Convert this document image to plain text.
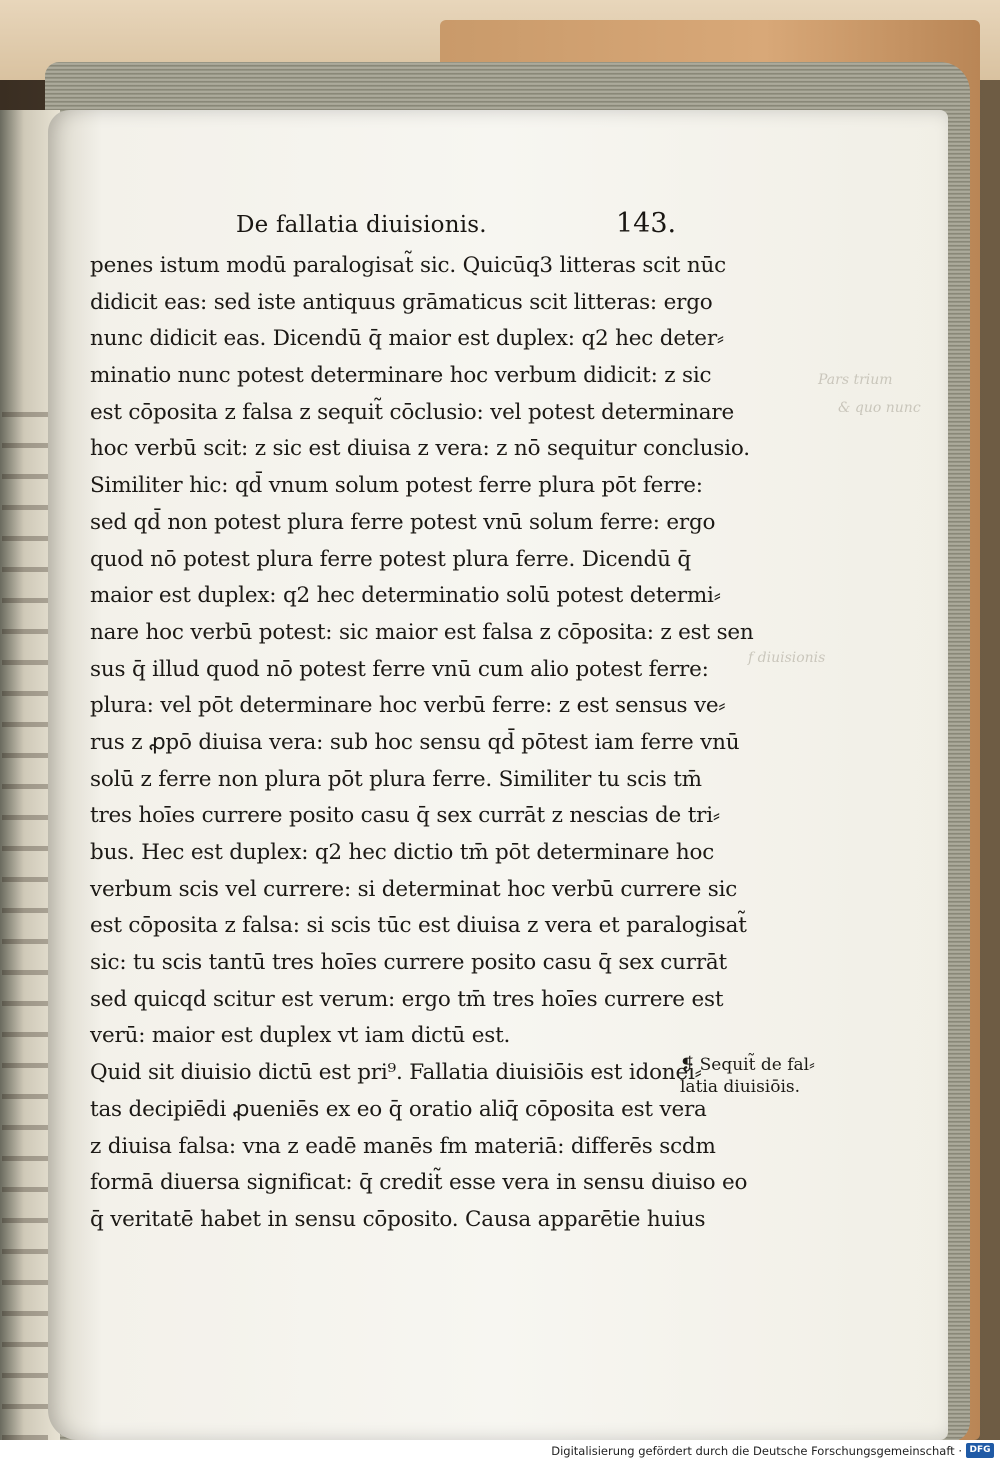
Pars trium
& quo nunc
f diuisionis
De fallatia diuisionis.	143.
penes istum modū paralogisat̃ sic. Quicūq3 litteras scit nūc
didicit eas: sed iste antiquus grāmaticus scit litteras: ergo
nunc didicit eas. Dicendū q̄ maior est duplex: q2 hec deter⸗
minatio nunc potest determinare hoc verbum didicit: z sic
est cōposita z falsa z sequit̃ cōclusio: vel potest determinare
hoc verbū scit: z sic est diuisa z vera: z nō sequitur conclusio.
Similiter hic: qd̄ vnum solum potest ferre plura pōt ferre:
sed qd̄ non potest plura ferre potest vnū solum ferre: ergo
quod nō potest plura ferre potest plura ferre. Dicendū q̄
maior est duplex: q2 hec determinatio solū potest determi⸗
nare hoc verbū potest: sic maior est falsa z cōposita: z est sen
sus q̄ illud quod nō potest ferre vnū cum alio potest ferre:
plura: vel pōt determinare hoc verbū ferre: z est sensus ve⸗
rus z ꝓpō diuisa vera: sub hoc sensu qd̄ pōtest iam ferre vnū
solū z ferre non plura pōt plura ferre. Similiter tu scis tm̄
tres hoīes currere posito casu q̄ sex currāt z nescias de tri⸗
bus. Hec est duplex: q2 hec dictio tm̄ pōt determinare hoc
verbum scis vel currere: si determinat hoc verbū currere sic
est cōposita z falsa: si scis tūc est diuisa z vera et paralogisat̃
sic: tu scis tantū tres hoīes currere posito casu q̄ sex currāt
sed quicqd scitur est verum: ergo tm̄ tres hoīes currere est
verū: maior est duplex vt iam dictū est.
Quid sit diuisio dictū est pri⁹. Fallatia diuisiōis est idonei⸗
tas decipiēdi ꝓueniēs ex eo q̄ oratio aliq̄ cōposita est vera
z diuisa falsa: vna z eadē manēs fm materiā: differēs scdm
formā diuersa significat: q̄ credit̃ esse vera in sensu diuiso eo
q̄ veritatē habet in sensu cōposito. Causa apparētie huius
❡ Sequit̃ de fal⸗
latia diuisiōis.
Digitalisierung gefördert durch die Deutsche Forschungsgemeinschaft · DFG
